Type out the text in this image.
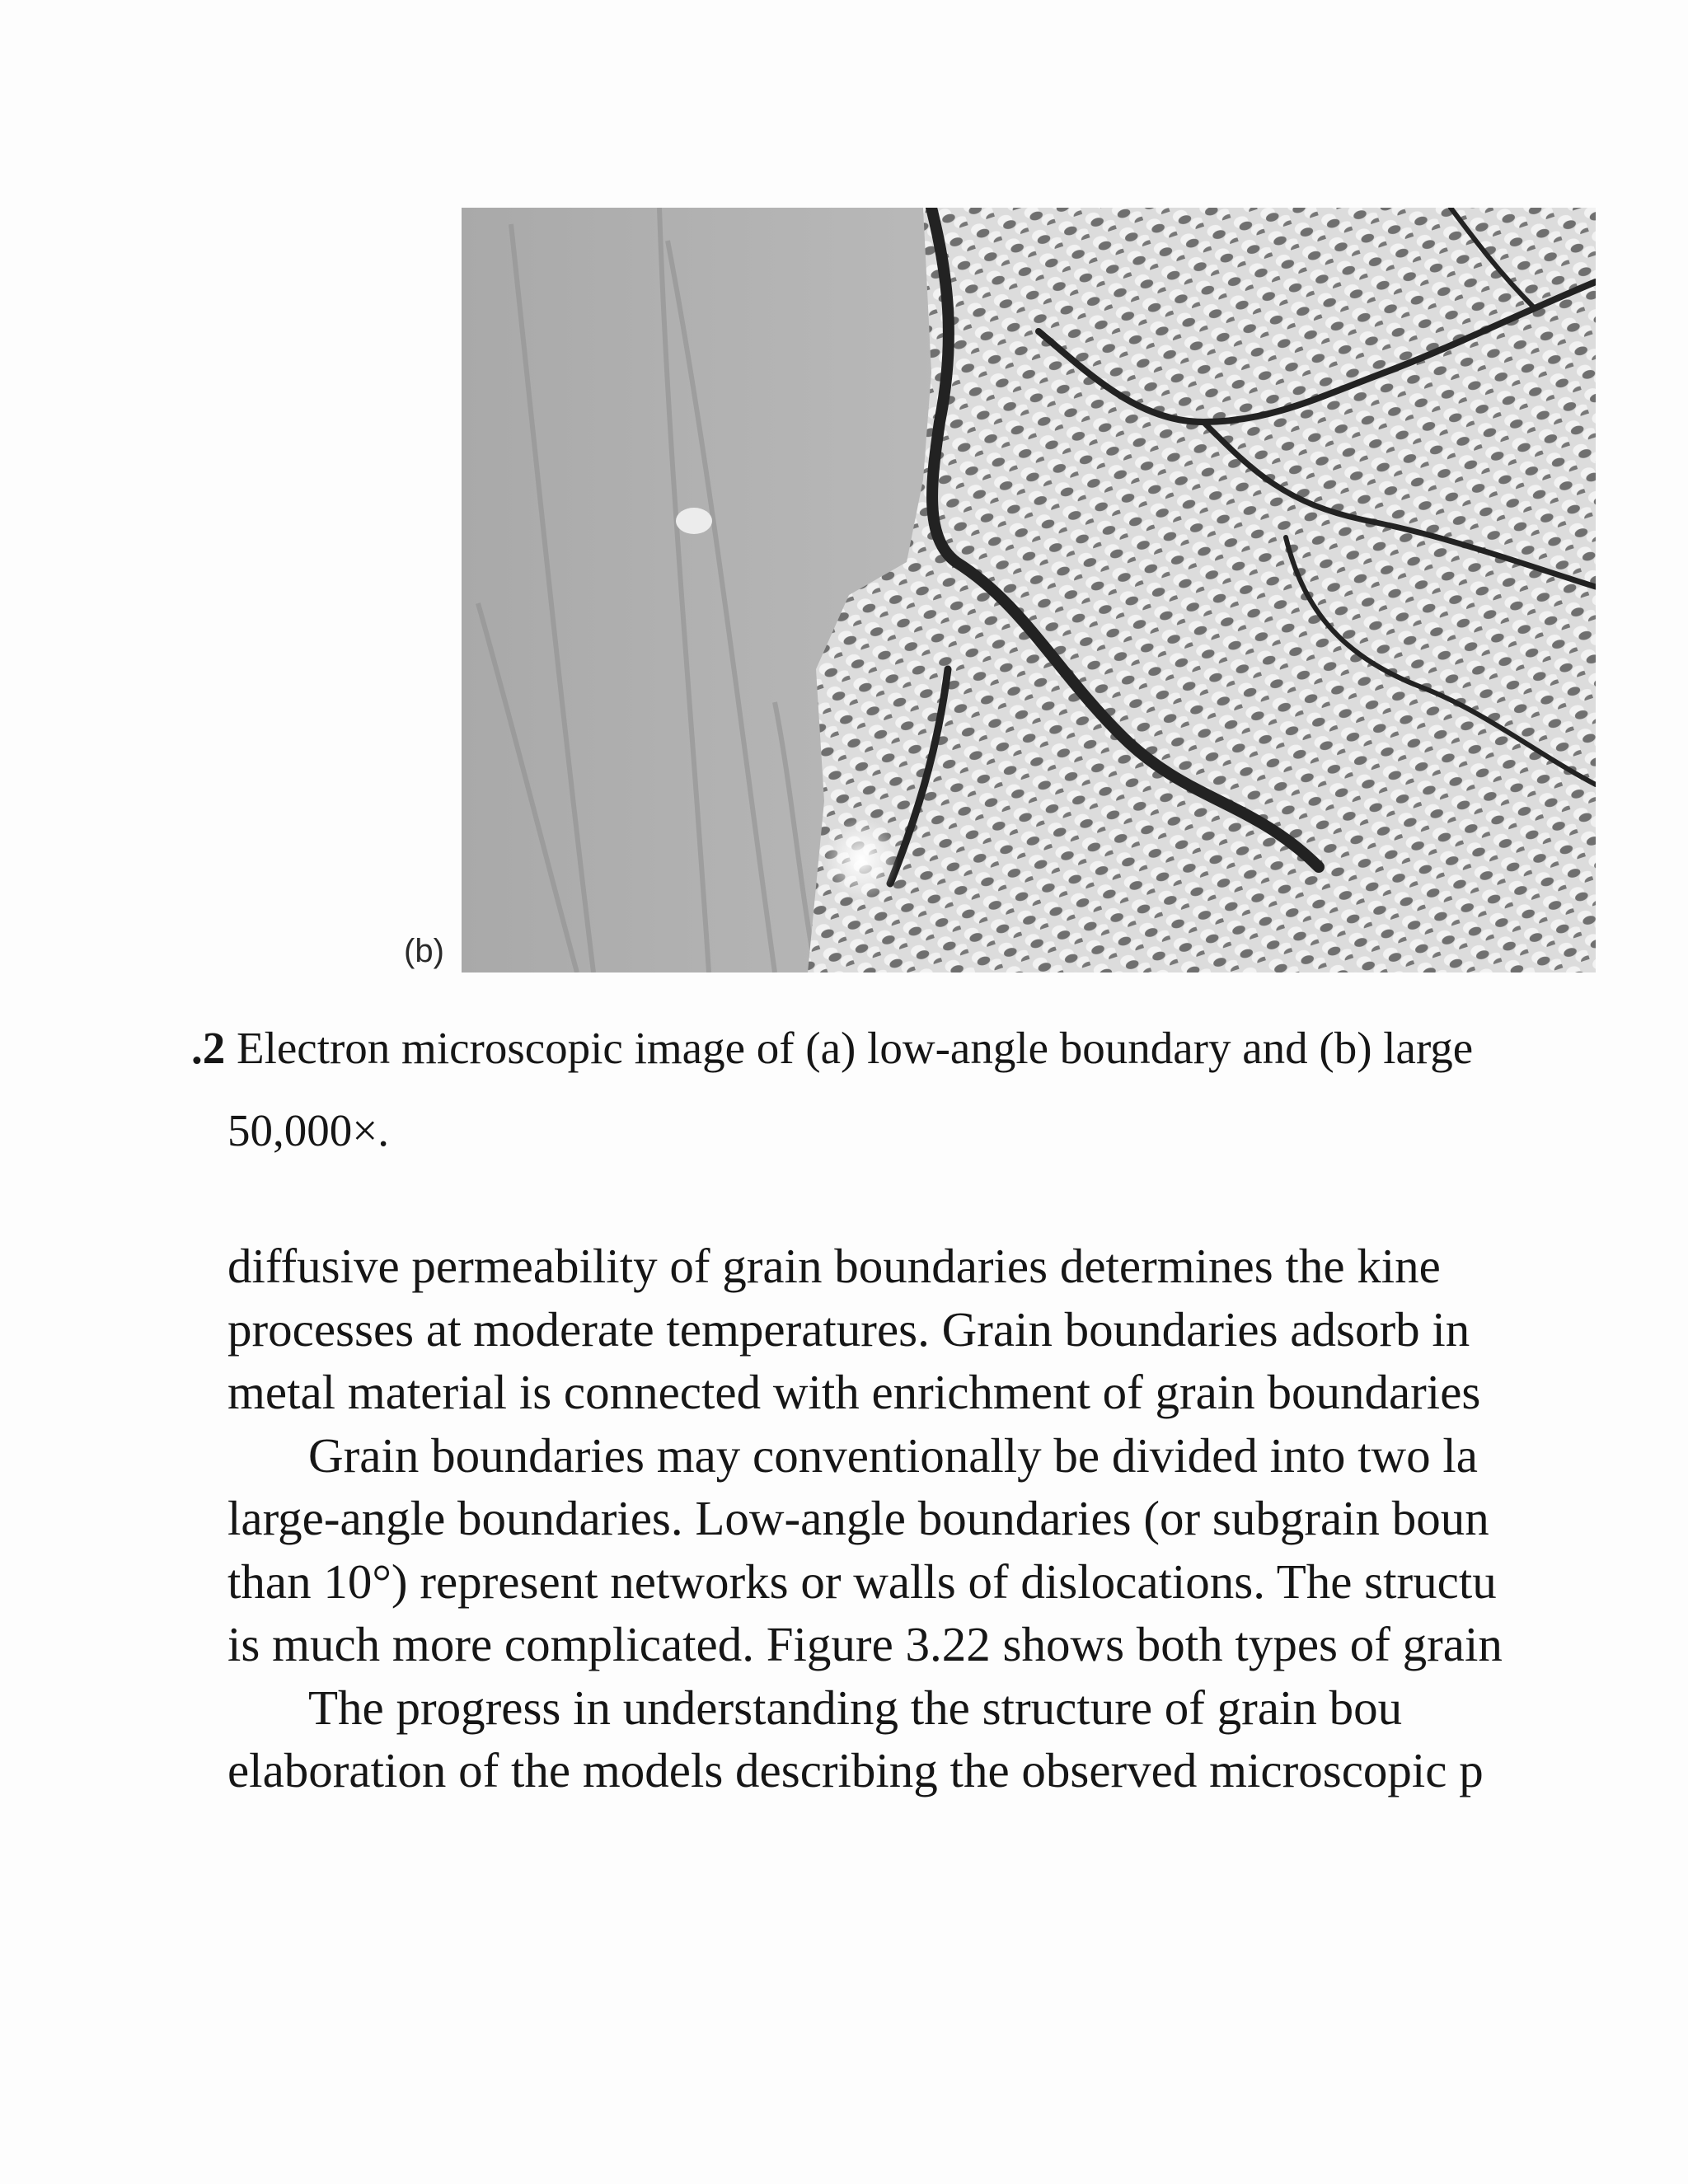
(b)
.2 Electron microscopic image of (a) low-angle boundary and (b) large
50,000×.
diffusive permeability of grain boundaries determines the kine
processes at moderate temperatures. Grain boundaries adsorb in
metal material is connected with enrichment of grain boundaries
Grain boundaries may conventionally be divided into two la
large-angle boundaries. Low-angle boundaries (or subgrain boun
than 10°) represent networks or walls of dislocations. The structu
is much more complicated. Figure 3.22 shows both types of grain
The progress in understanding the structure of grain bou
elaboration of the models describing the observed microscopic p
